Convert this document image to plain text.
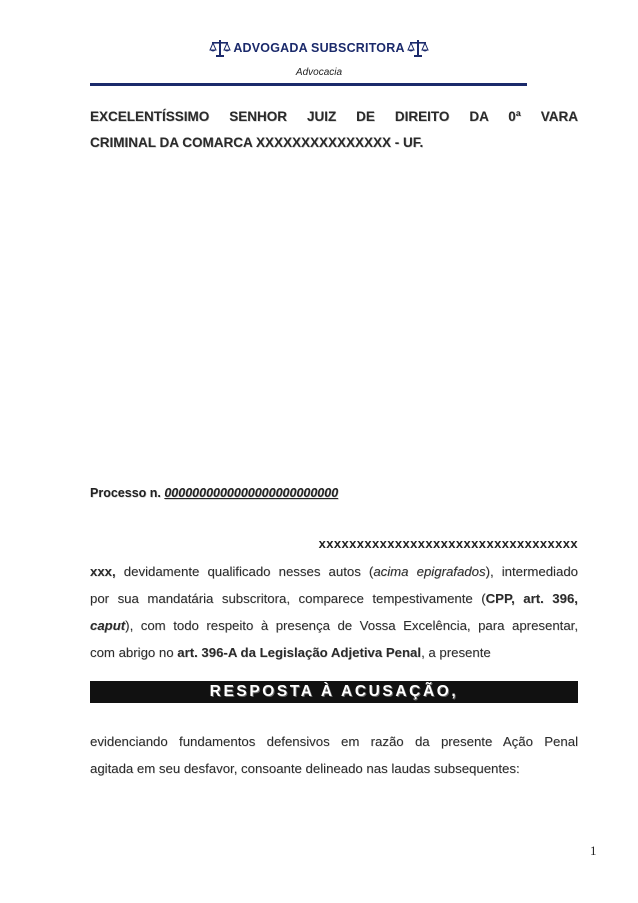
ADVOGADA SUBSCRITORA
Advocacia
EXCELENTÍSSIMO SENHOR JUIZ DE DIREITO DA 0ª VARA
CRIMINAL DA COMARCA XXXXXXXXXXXXXXX - UF.
Processo n. 0000000000000000000000000
xxxxxxxxxxxxxxxxxxxxxxxxxxxxxxxxxx
xxx, devidamente qualificado nesses autos (acima epigrafados), intermediado
por sua mandatária subscritora, comparece tempestivamente (CPP, art. 396,
caput), com todo respeito à presença de Vossa Excelência, para apresentar,
com abrigo no art. 396-A da Legislação Adjetiva Penal, a presente
RESPOSTA À ACUSAÇÃO,
evidenciando fundamentos defensivos em razão da presente Ação Penal
agitada em seu desfavor, consoante delineado nas laudas subsequentes:
1
